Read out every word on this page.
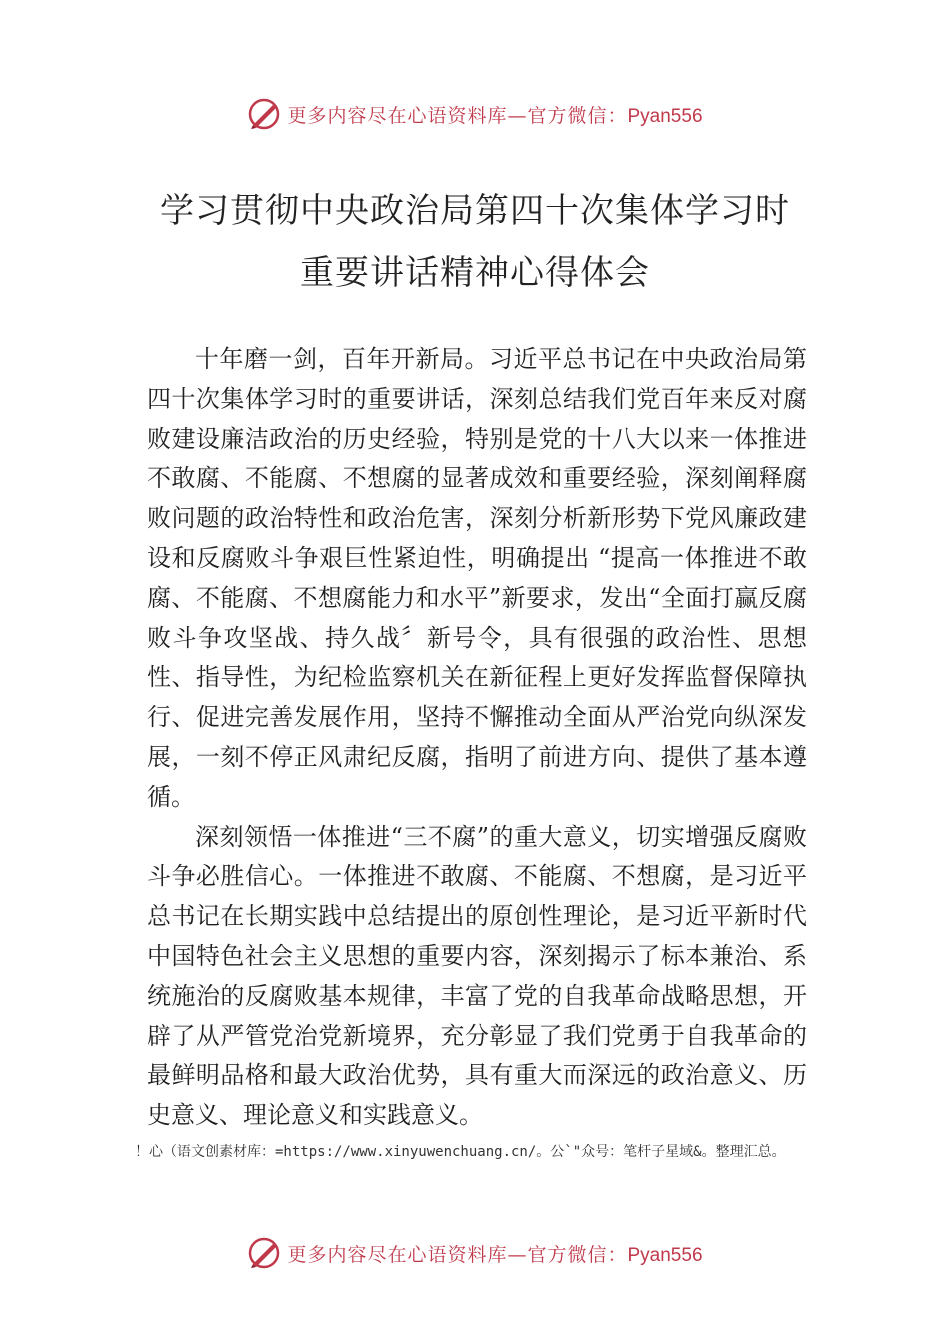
更多内容尽在心语资料库—官方微信：Pyan556
学习贯彻中央政治局第四十次集体学习时
重要讲话精神心得体会

十年磨一剑，百年开新局。习近平总书记在中央政治局第四十次集体学习时的重要讲话，深刻总结我们党百年来反对腐败建设廉洁政治的历史经验，特别是党的十八大以来一体推进不敢腐、不能腐、不想腐的显著成效和重要经验，深刻阐释腐败问题的政治特性和政治危害，深刻分析新形势下党风廉政建设和反腐败斗争艰巨性紧迫性，明确提出 “提高一体推进不敢腐、不能腐、不想腐能力和水平”新要求，发出“全面打赢反腐败斗争攻坚战、持久战〞新号令，具有很强的政治性、思想性、指导性，为纪检监察机关在新征程上更好发挥监督保障执行、促进完善发展作用，坚持不懈推动全面从严治党向纵深发展，一刻不停正风肃纪反腐，指明了前进方向、提供了基本遵循。

深刻领悟一体推进“三不腐”的重大意义，切实增强反腐败斗争必胜信心。一体推进不敢腐、不能腐、不想腐，是习近平总书记在长期实践中总结提出的原创性理论，是习近平新时代中国特色社会主义思想的重要内容，深刻揭示了标本兼治、系统施治的反腐败基本规律，丰富了党的自我革命战略思想，开辟了从严管党治党新境界，充分彰显了我们党勇于自我革命的最鲜明品格和最大政治优势，具有重大而深远的政治意义、历史意义、理论意义和实践意义。

！心（语文创素材库：=https://www.xinyuwenchuang.cn/。公`"众号：笔杆子星域&。整理汇总。
更多内容尽在心语资料库—官方微信：Pyan556
